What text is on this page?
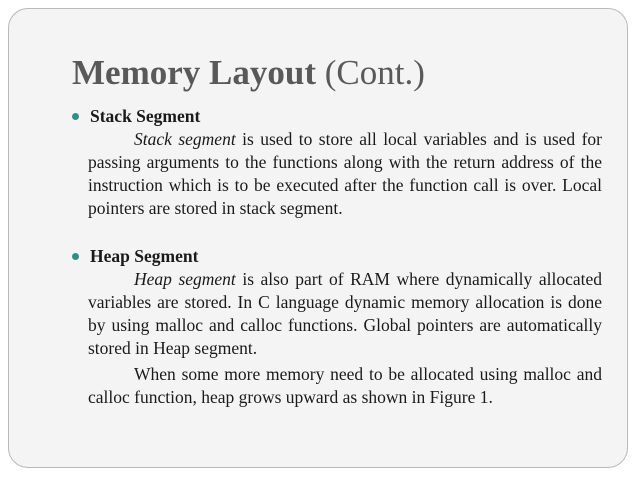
Memory Layout (Cont.)
Stack Segment

Stack segment is used to store all local variables and is used for passing arguments to the functions along with the return address of the instruction which is to be executed after the function call is over. Local pointers are stored in stack segment.

Heap Segment

Heap segment is also part of RAM where dynamically allocated variables are stored. In C language dynamic memory allocation is done by using malloc and calloc functions. Global pointers are automatically stored in Heap segment.

When some more memory need to be allocated using malloc and calloc function, heap grows upward as shown in Figure 1.
